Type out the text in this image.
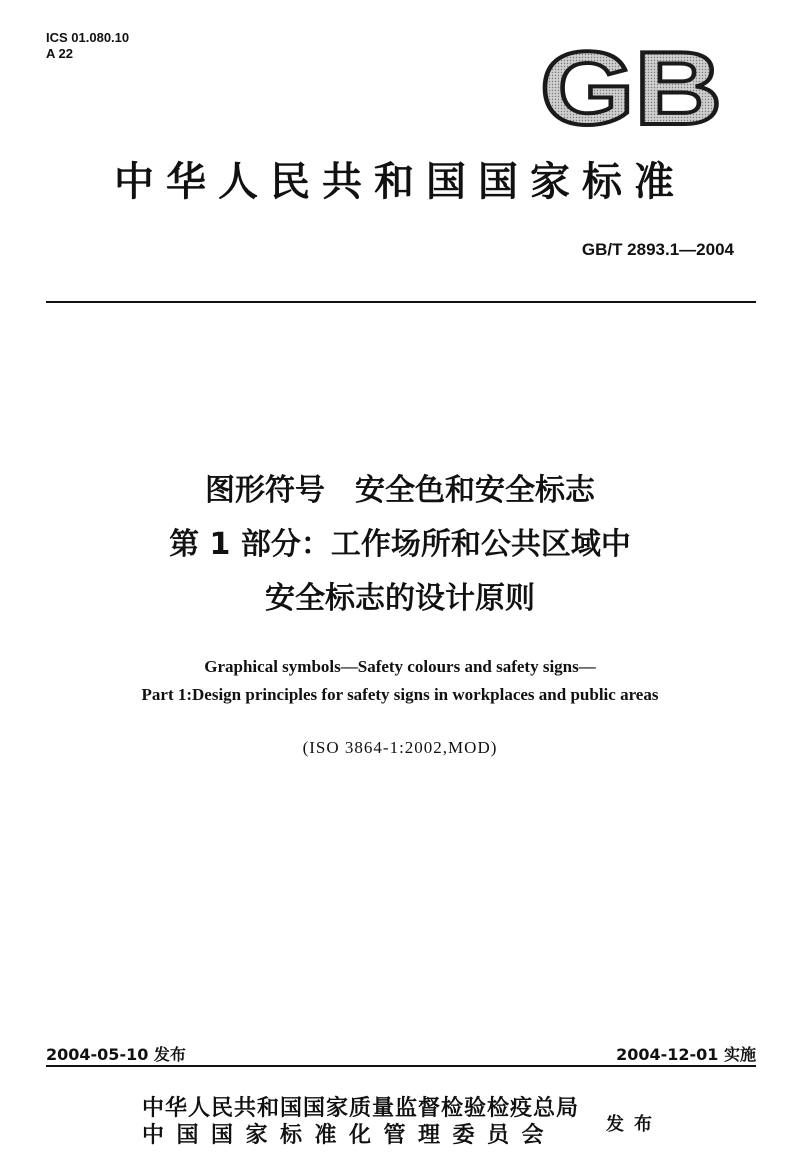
ICS 01.080.10
A 22	GB
中华人民共和国国家标准
GB/T 2893.1—2004
图形符号　安全色和安全标志
第 1 部分：工作场所和公共区域中
安全标志的设计原则
Graphical symbols—Safety colours and safety signs—
Part 1:Design principles for safety signs in workplaces and public areas
(ISO 3864-1:2002,MOD)
2004-05-10 发布	2004-12-01 实施
中华人民共和国国家质量监督检验检疫总局
中国国家标准化管理委员会	发布
